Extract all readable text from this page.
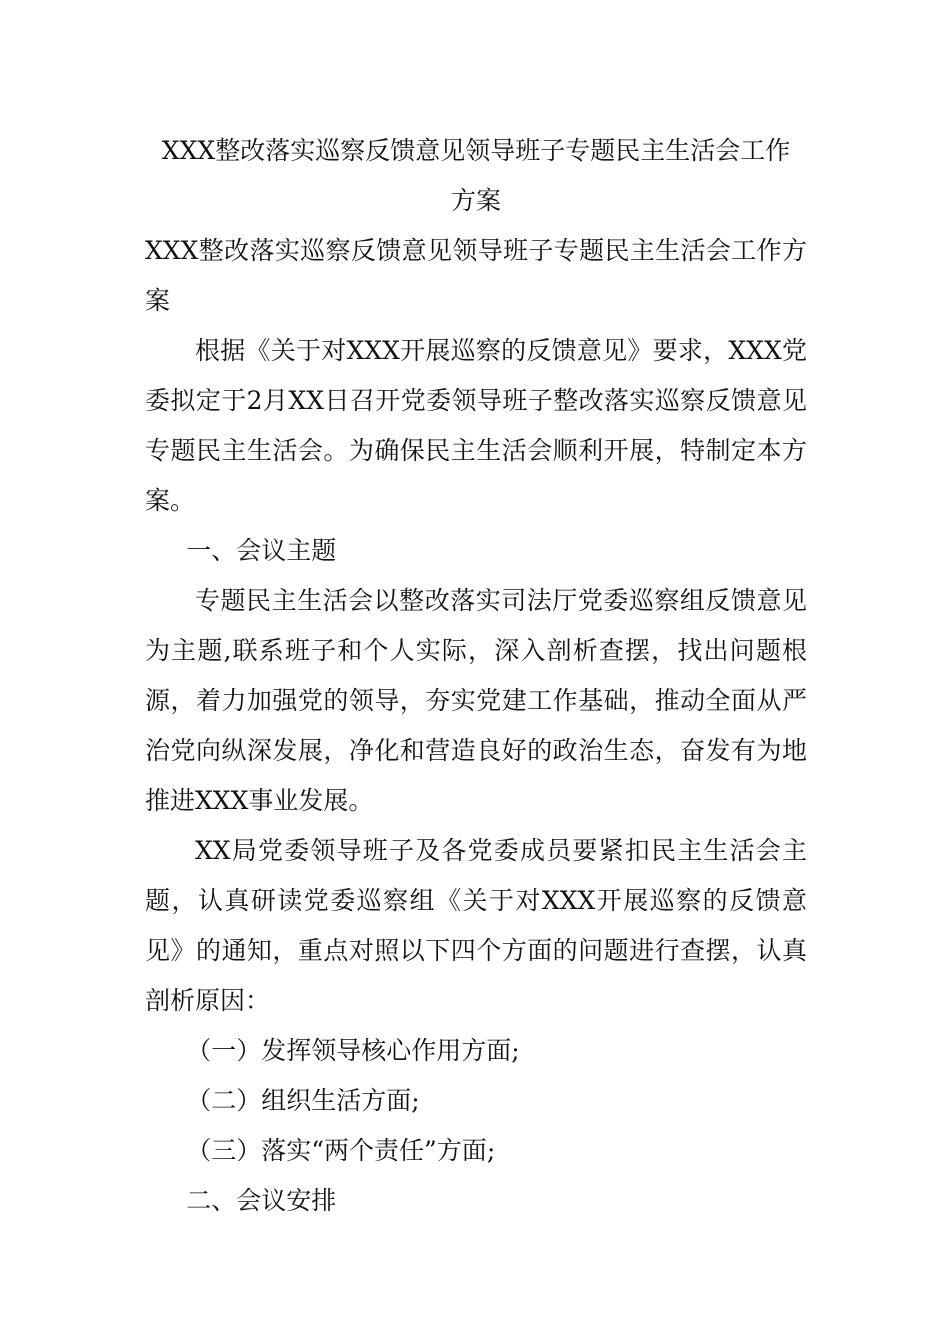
XXX整改落实巡察反馈意见领导班子专题民主生活会工作
方案

XXX整改落实巡察反馈意见领导班子专题民主生活会工作方案

根据《关于对XXX开展巡察的反馈意见》要求，XXX党委拟定于2月XX日召开党委领导班子整改落实巡察反馈意见专题民主生活会。为确保民主生活会顺利开展，特制定本方案。

一、会议主题

专题民主生活会以整改落实司法厅党委巡察组反馈意见为主题,联系班子和个人实际，深入剖析查摆，找出问题根源，着力加强党的领导，夯实党建工作基础，推动全面从严治党向纵深发展，净化和营造良好的政治生态，奋发有为地推进XXX事业发展。

XX局党委领导班子及各党委成员要紧扣民主生活会主题，认真研读党委巡察组《关于对XXX开展巡察的反馈意见》的通知，重点对照以下四个方面的问题进行查摆，认真剖析原因：

（一）发挥领导核心作用方面;

（二）组织生活方面;

（三）落实“两个责任”方面;

二、会议安排
